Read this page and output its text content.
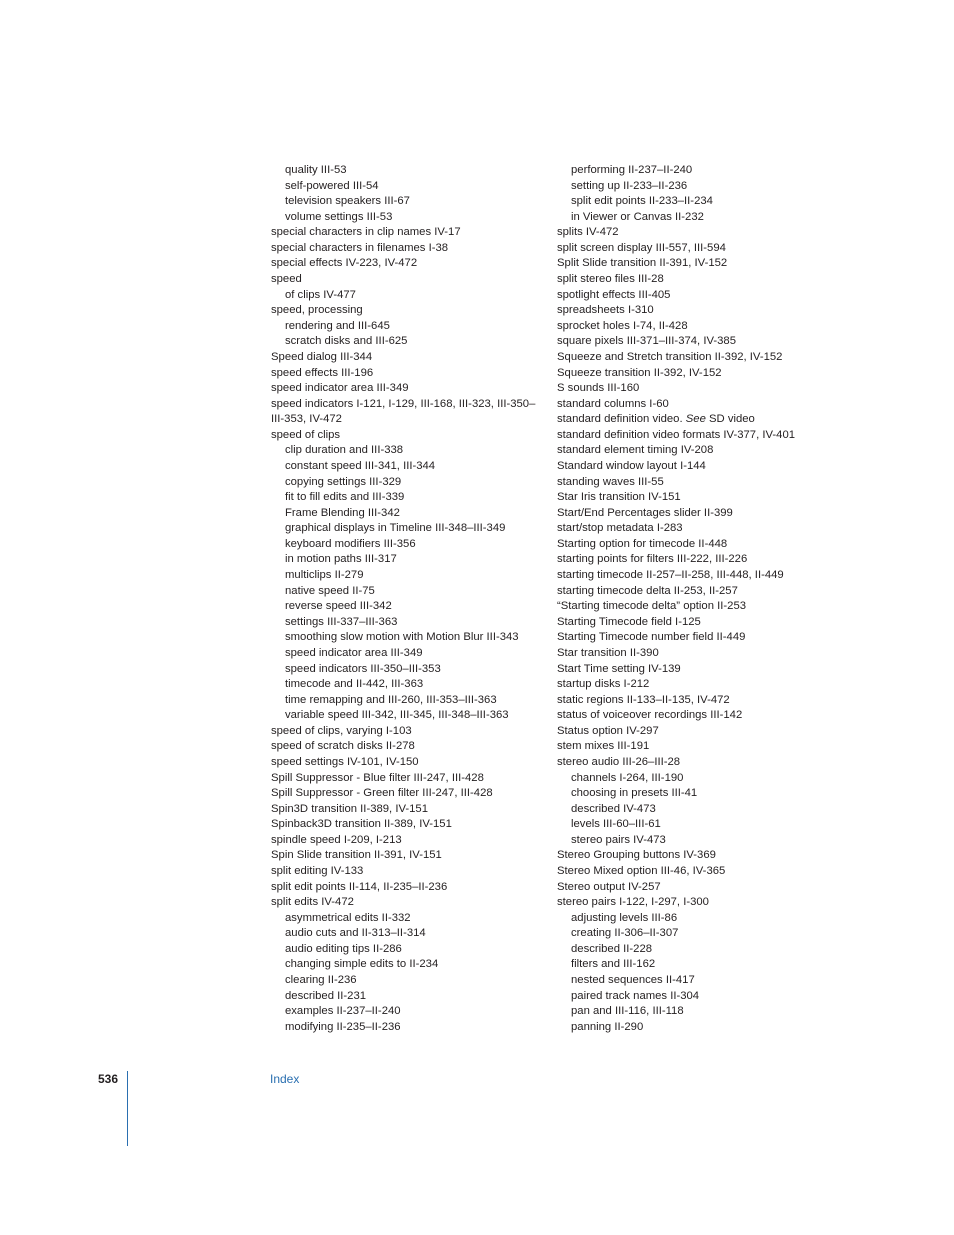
quality III-53
self-powered III-54
television speakers III-67
volume settings III-53
special characters in clip names IV-17
special characters in filenames I-38
special effects IV-223, IV-472
speed
of clips IV-477
speed, processing
rendering and III-645
scratch disks and III-625
Speed dialog III-344
speed effects III-196
speed indicator area III-349
speed indicators I-121, I-129, III-168, III-323, III-350–
III-353, IV-472
speed of clips
clip duration and III-338
constant speed III-341, III-344
copying settings III-329
fit to fill edits and III-339
Frame Blending III-342
graphical displays in Timeline III-348–III-349
keyboard modifiers III-356
in motion paths III-317
multiclips II-279
native speed II-75
reverse speed III-342
settings III-337–III-363
smoothing slow motion with Motion Blur III-343
speed indicator area III-349
speed indicators III-350–III-353
timecode and II-442, III-363
time remapping and III-260, III-353–III-363
variable speed III-342, III-345, III-348–III-363
speed of clips, varying I-103
speed of scratch disks II-278
speed settings IV-101, IV-150
Spill Suppressor - Blue filter III-247, III-428
Spill Suppressor - Green filter III-247, III-428
Spin3D transition II-389, IV-151
Spinback3D transition II-389, IV-151
spindle speed I-209, I-213
Spin Slide transition II-391, IV-151
split editing IV-133
split edit points II-114, II-235–II-236
split edits IV-472
asymmetrical edits II-332
audio cuts and II-313–II-314
audio editing tips II-286
changing simple edits to II-234
clearing II-236
described II-231
examples II-237–II-240
modifying II-235–II-236
performing II-237–II-240
setting up II-233–II-236
split edit points II-233–II-234
in Viewer or Canvas II-232
splits IV-472
split screen display III-557, III-594
Split Slide transition II-391, IV-152
split stereo files III-28
spotlight effects III-405
spreadsheets I-310
sprocket holes I-74, II-428
square pixels III-371–III-374, IV-385
Squeeze and Stretch transition II-392, IV-152
Squeeze transition II-392, IV-152
S sounds III-160
standard columns I-60
standard definition video. See SD video
standard definition video formats IV-377, IV-401
standard element timing IV-208
Standard window layout I-144
standing waves III-55
Star Iris transition IV-151
Start/End Percentages slider II-399
start/stop metadata I-283
Starting option for timecode II-448
starting points for filters III-222, III-226
starting timecode II-257–II-258, III-448, II-449
starting timecode delta II-253, II-257
“Starting timecode delta” option II-253
Starting Timecode field I-125
Starting Timecode number field II-449
Star transition II-390
Start Time setting IV-139
startup disks I-212
static regions II-133–II-135, IV-472
status of voiceover recordings III-142
Status option IV-297
stem mixes III-191
stereo audio III-26–III-28
channels I-264, III-190
choosing in presets III-41
described IV-473
levels III-60–III-61
stereo pairs IV-473
Stereo Grouping buttons IV-369
Stereo Mixed option III-46, IV-365
Stereo output IV-257
stereo pairs I-122, I-297, I-300
adjusting levels III-86
creating II-306–II-307
described II-228
filters and III-162
nested sequences II-417
paired track names II-304
pan and III-116, III-118
panning II-290
536	Index
